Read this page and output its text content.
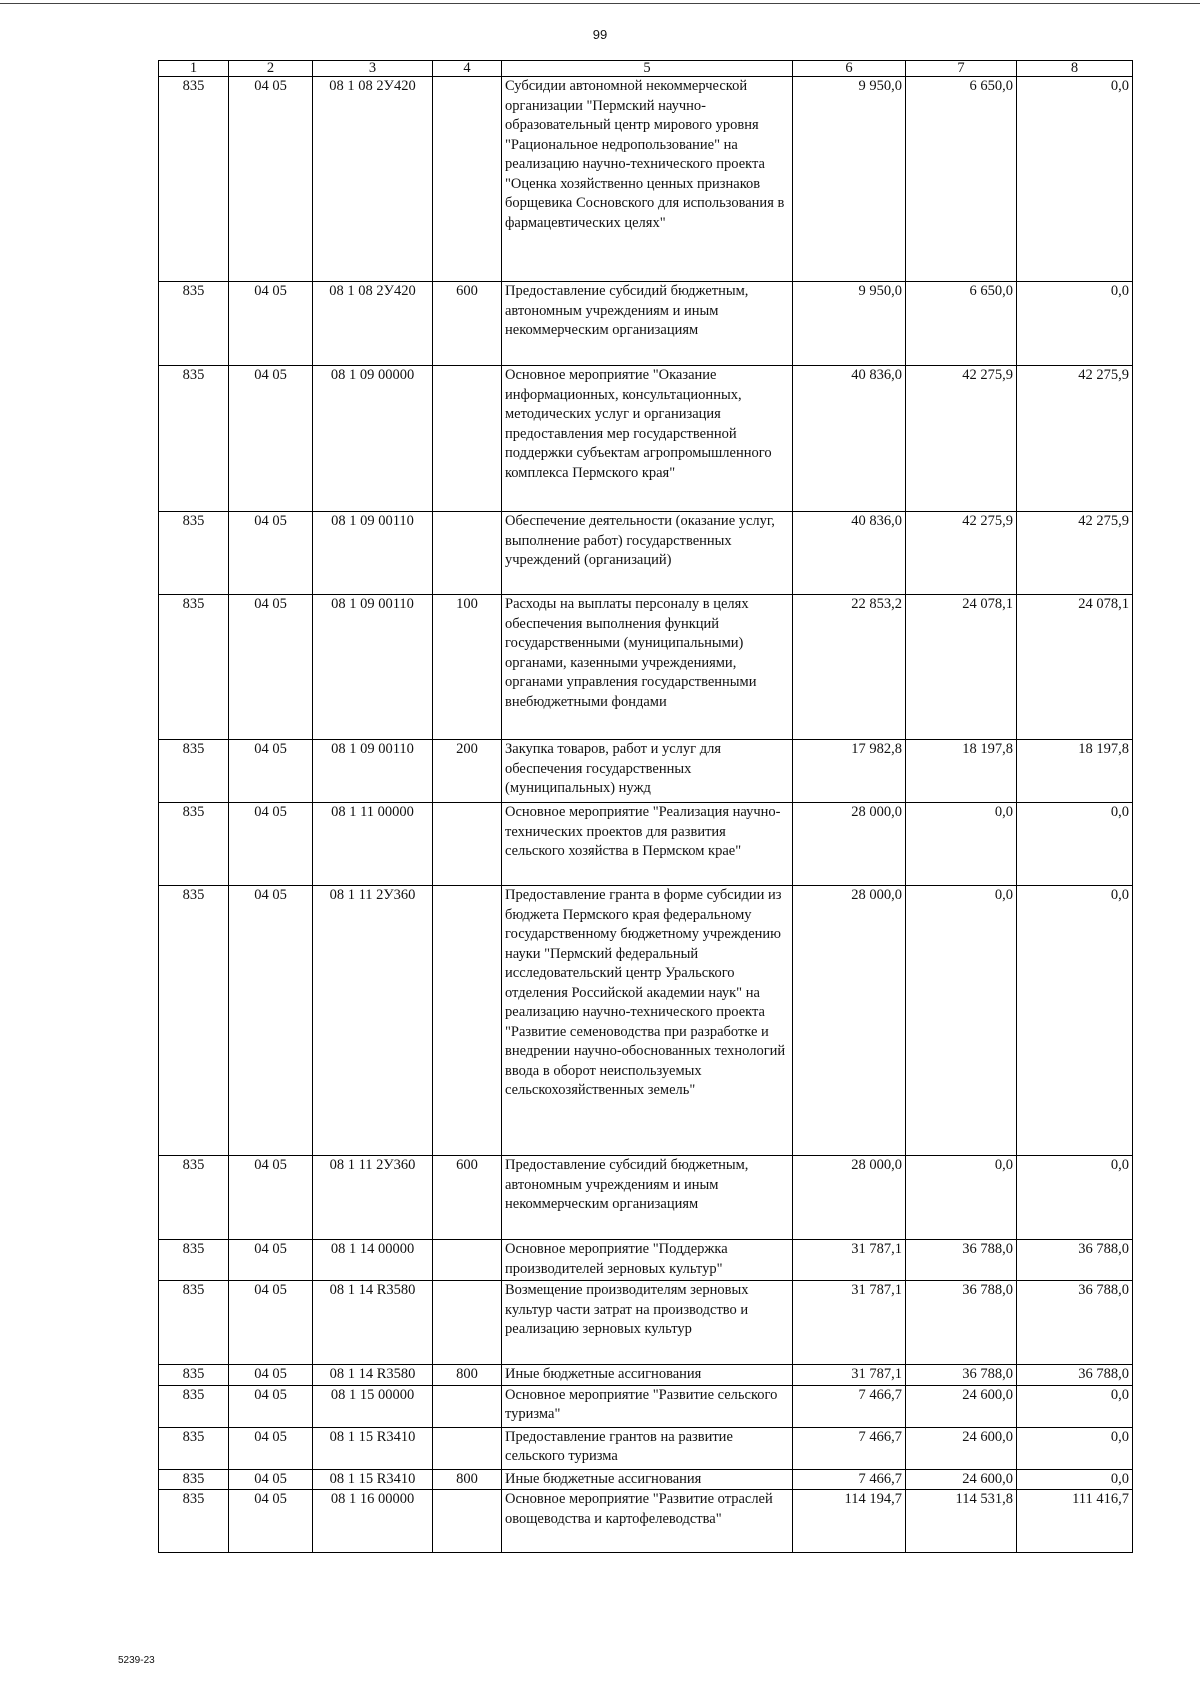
99
1	2	3	4	5	6	7	8
835	04 05	08 1 08 2У420		Субсидии автономной некоммерческой организации "Пермский научно-образовательный центр мирового уровня "Рациональное недропользование" на реализацию научно-технического проекта "Оценка хозяйственно ценных признаков борщевика Сосновского для использования в фармацевтических целях"	9 950,0	6 650,0	0,0
835	04 05	08 1 08 2У420	600	Предоставление субсидий бюджетным, автономным учреждениям и иным некоммерческим организациям	9 950,0	6 650,0	0,0
835	04 05	08 1 09 00000		Основное мероприятие "Оказание информационных, консультационных, методических услуг и организация предоставления мер государственной поддержки субъектам агропромышленного комплекса Пермского края"	40 836,0	42 275,9	42 275,9
835	04 05	08 1 09 00110		Обеспечение деятельности (оказание услуг, выполнение работ) государственных учреждений (организаций)	40 836,0	42 275,9	42 275,9
835	04 05	08 1 09 00110	100	Расходы на выплаты персоналу в целях обеспечения выполнения функций государственными (муниципальными) органами, казенными учреждениями, органами управления государственными внебюджетными фондами	22 853,2	24 078,1	24 078,1
835	04 05	08 1 09 00110	200	Закупка товаров, работ и услуг для обеспечения государственных (муниципальных) нужд	17 982,8	18 197,8	18 197,8
835	04 05	08 1 11 00000		Основное мероприятие "Реализация научно-технических проектов для развития сельского хозяйства в Пермском крае"	28 000,0	0,0	0,0
835	04 05	08 1 11 2У360		Предоставление гранта в форме субсидии из бюджета Пермского края федеральному государственному бюджетному учреждению науки "Пермский федеральный исследовательский центр Уральского отделения Российской академии наук" на реализацию научно-технического проекта "Развитие семеноводства при разработке и внедрении научно-обоснованных технологий ввода в оборот неиспользуемых сельскохозяйственных земель"	28 000,0	0,0	0,0
835	04 05	08 1 11 2У360	600	Предоставление субсидий бюджетным, автономным учреждениям и иным некоммерческим организациям	28 000,0	0,0	0,0
835	04 05	08 1 14 00000		Основное мероприятие "Поддержка производителей зерновых культур"	31 787,1	36 788,0	36 788,0
835	04 05	08 1 14 R3580		Возмещение производителям зерновых культур части затрат на производство и реализацию зерновых культур	31 787,1	36 788,0	36 788,0
835	04 05	08 1 14 R3580	800	Иные бюджетные ассигнования	31 787,1	36 788,0	36 788,0
835	04 05	08 1 15 00000		Основное мероприятие "Развитие сельского туризма"	7 466,7	24 600,0	0,0
835	04 05	08 1 15 R3410		Предоставление грантов на развитие сельского туризма	7 466,7	24 600,0	0,0
835	04 05	08 1 15 R3410	800	Иные бюджетные ассигнования	7 466,7	24 600,0	0,0
835	04 05	08 1 16 00000		Основное мероприятие "Развитие отраслей овощеводства и картофелеводства"	114 194,7	114 531,8	111 416,7
5239-23
